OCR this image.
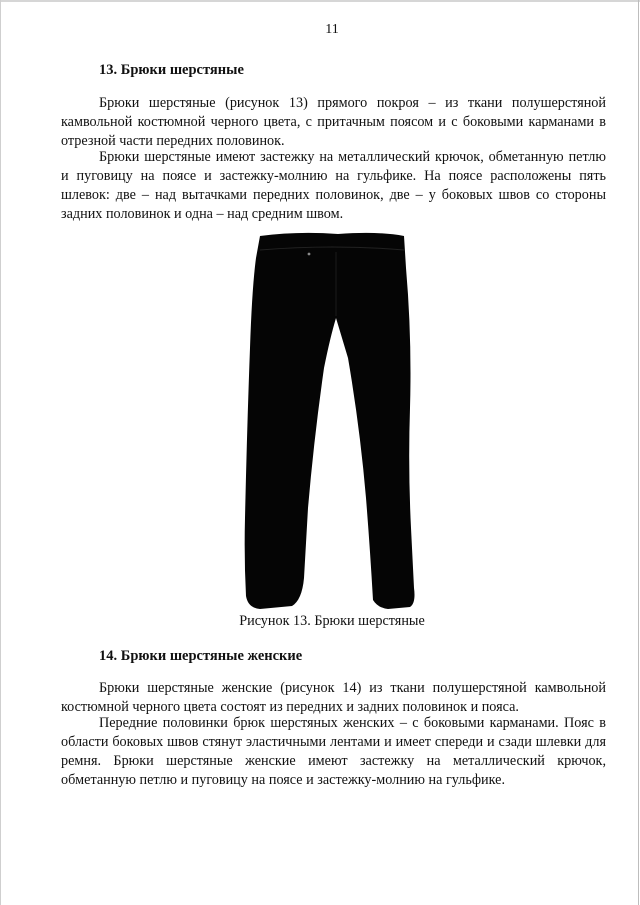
11
13. Брюки шерстяные

Брюки шерстяные (рисунок 13) прямого покроя – из ткани полушерстяной камвольной костюмной черного цвета, с притачным поясом и с боковыми карманами в отрезной части передних половинок.

Брюки шерстяные имеют застежку на металлический крючок, обметанную петлю и пуговицу на поясе и застежку-молнию на гульфике. На поясе расположены пять шлевок: две – над вытачками передних половинок, две – у боковых швов со стороны задних половинок и одна – над средним швом.

Рисунок 13. Брюки шерстяные
14. Брюки шерстяные женские

Брюки шерстяные женские (рисунок 14) из ткани полушерстяной камвольной костюмной черного цвета состоят из передних и задних половинок и пояса.

Передние половинки брюк шерстяных женских – с боковыми карманами. Пояс в области боковых швов стянут эластичными лентами и имеет спереди и сзади шлевки для ремня. Брюки шерстяные женские имеют застежку на металлический крючок, обметанную петлю и пуговицу на поясе и застежку-молнию на гульфике.
